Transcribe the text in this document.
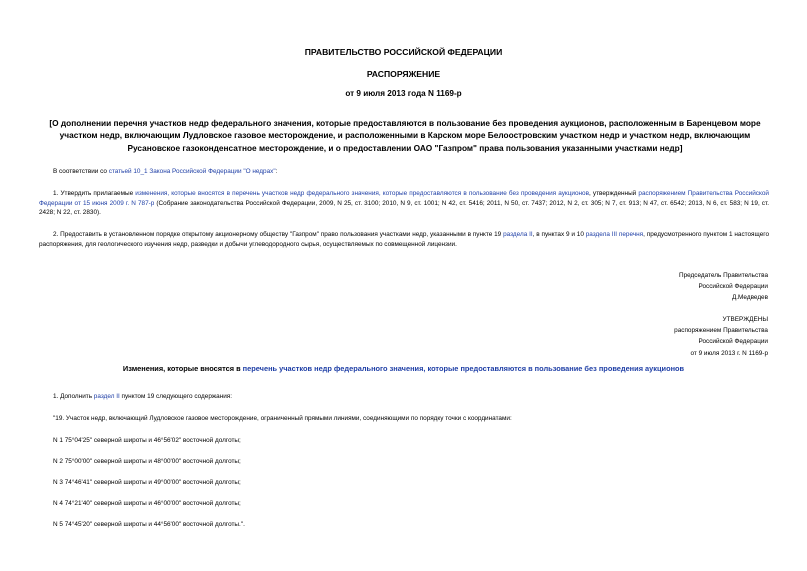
ПРАВИТЕЛЬСТВО РОССИЙСКОЙ ФЕДЕРАЦИИ
РАСПОРЯЖЕНИЕ
от 9 июля 2013 года N 1169-р
[О дополнении перечня участков недр федерального значения, которые предоставляются в пользование без проведения аукционов, расположенным в Баренцевом море участком недр, включающим Лудловское газовое месторождение, и расположенными в Карском море Белоостровским участком недр и участком недр, включающим Русановское газоконденсатное месторождение, и о предоставлении ОАО "Газпром" права пользования указанными участками недр]
В соответствии со статьей 10_1 Закона Российской Федерации "О недрах":
1. Утвердить прилагаемые изменения, которые вносятся в перечень участков недр федерального значения, которые предоставляются в пользование без проведения аукционов, утвержденный распоряжением Правительства Российской Федерации от 15 июня 2009 г. N 787-р (Собрание законодательства Российской Федерации, 2009, N 25, ст. 3100; 2010, N 9, ст. 1001; N 42, ст. 5416; 2011, N 50, ст. 7437; 2012, N 2, ст. 305; N 7, ст. 913; N 47, ст. 6542; 2013, N 6, ст. 583; N 19, ст. 2428; N 22, ст. 2830).
2. Предоставить в установленном порядке открытому акционерному обществу "Газпром" право пользования участками недр, указанными в пункте 19 раздела II, в пунктах 9 и 10 раздела III перечня, предусмотренного пунктом 1 настоящего распоряжения, для геологического изучения недр, разведки и добычи углеводородного сырья, осуществляемых по совмещенной лицензии.
Председатель Правительства
Российской Федерации
Д.Медведев
УТВЕРЖДЕНЫ
распоряжением Правительства
Российской Федерации
от 9 июля 2013 г. N 1169-р
Изменения, которые вносятся в перечень участков недр федерального значения, которые предоставляются в пользование без проведения аукционов
1. Дополнить раздел II пунктом 19 следующего содержания:
"19. Участок недр, включающий Лудловское газовое месторождение, ограниченный прямыми линиями, соединяющими по порядку точки с координатами:
N 1 75°04'25" северной широты и 46°56'02" восточной долготы;
N 2 75°00'00" северной широты и 48°00'00" восточной долготы;
N 3 74°46'41" северной широты и 49°00'00" восточной долготы;
N 4 74°21'40" северной широты и 46°00'00" восточной долготы;
N 5 74°45'20" северной широты и 44°56'00" восточной долготы.".
